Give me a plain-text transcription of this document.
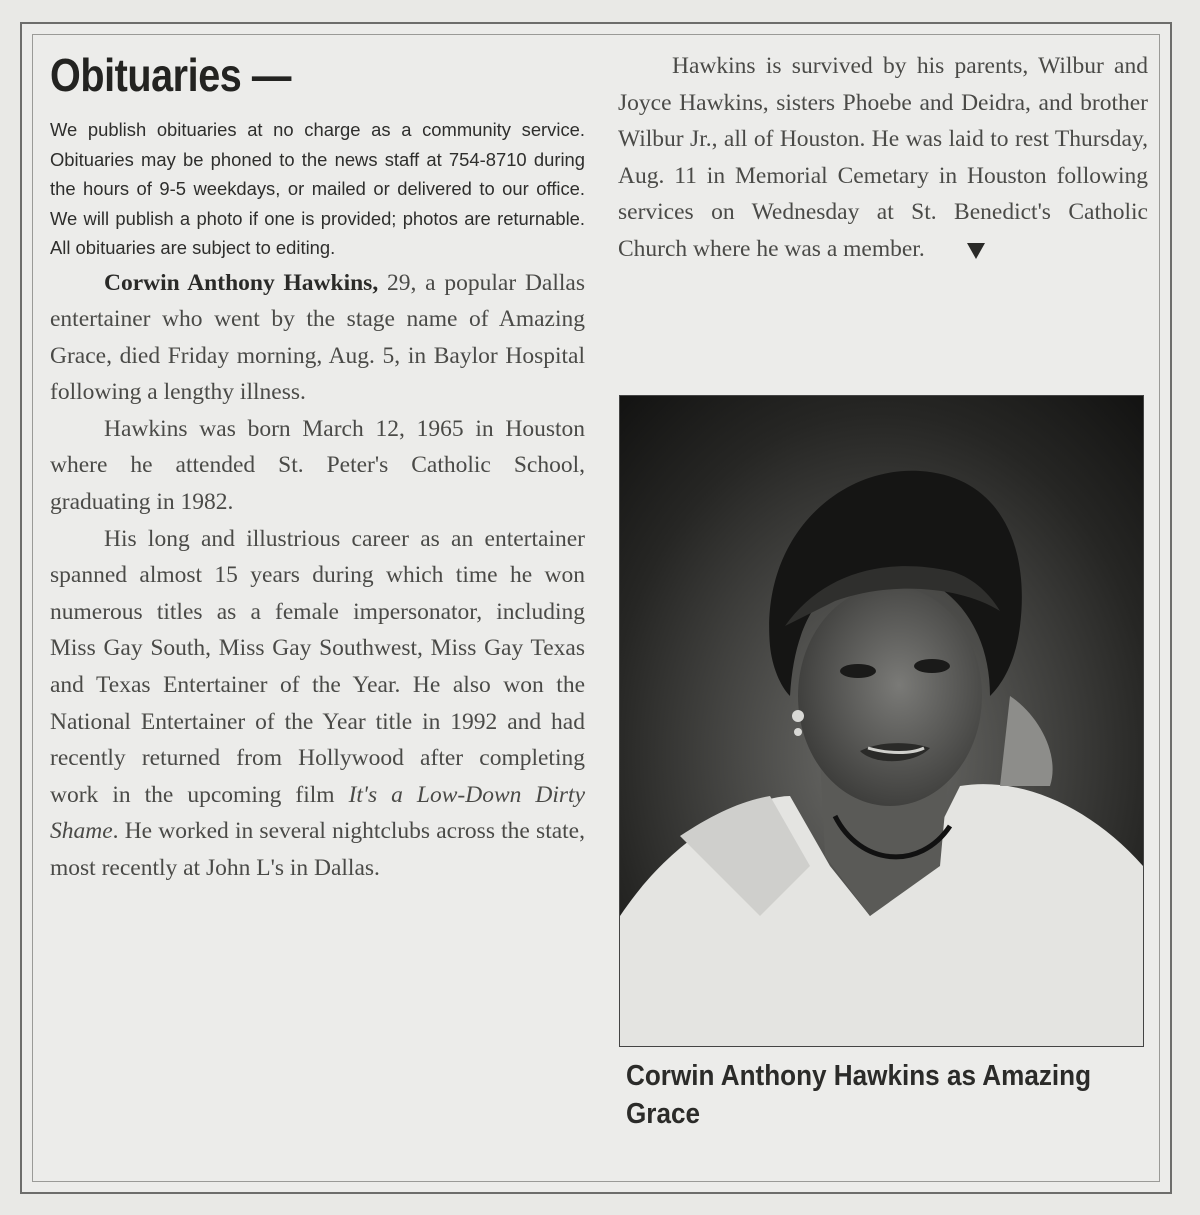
Obituaries —

We publish obituaries at no charge as a community service. Obituaries may be phoned to the news staff at 754-8710 during the hours of 9-5 weekdays, or mailed or delivered to our office. We will publish a photo if one is provided; photos are returnable. All obituaries are subject to editing.

Corwin Anthony Hawkins, 29, a popular Dallas entertainer who went by the stage name of Amazing Grace, died Friday morning, Aug. 5, in Baylor Hospital following a lengthy illness.

Hawkins was born March 12, 1965 in Houston where he attended St. Peter's Catholic School, graduating in 1982.

His long and illustrious career as an entertainer spanned almost 15 years during which time he won numerous titles as a female impersonator, including Miss Gay South, Miss Gay Southwest, Miss Gay Texas and Texas Entertainer of the Year. He also won the National Entertainer of the Year title in 1992 and had recently returned from Hollywood after completing work in the upcoming film It's a Low-Down Dirty Shame. He worked in several nightclubs across the state, most recently at John L's in Dallas.

Hawkins is survived by his parents, Wilbur and Joyce Hawkins, sisters Phoebe and Deidra, and brother Wilbur Jr., all of Houston. He was laid to rest Thursday, Aug. 11 in Memorial Cemetary in Houston following services on Wednesday at St. Benedict's Catholic Church where he was a member.

Corwin Anthony Hawkins as Amazing Grace
